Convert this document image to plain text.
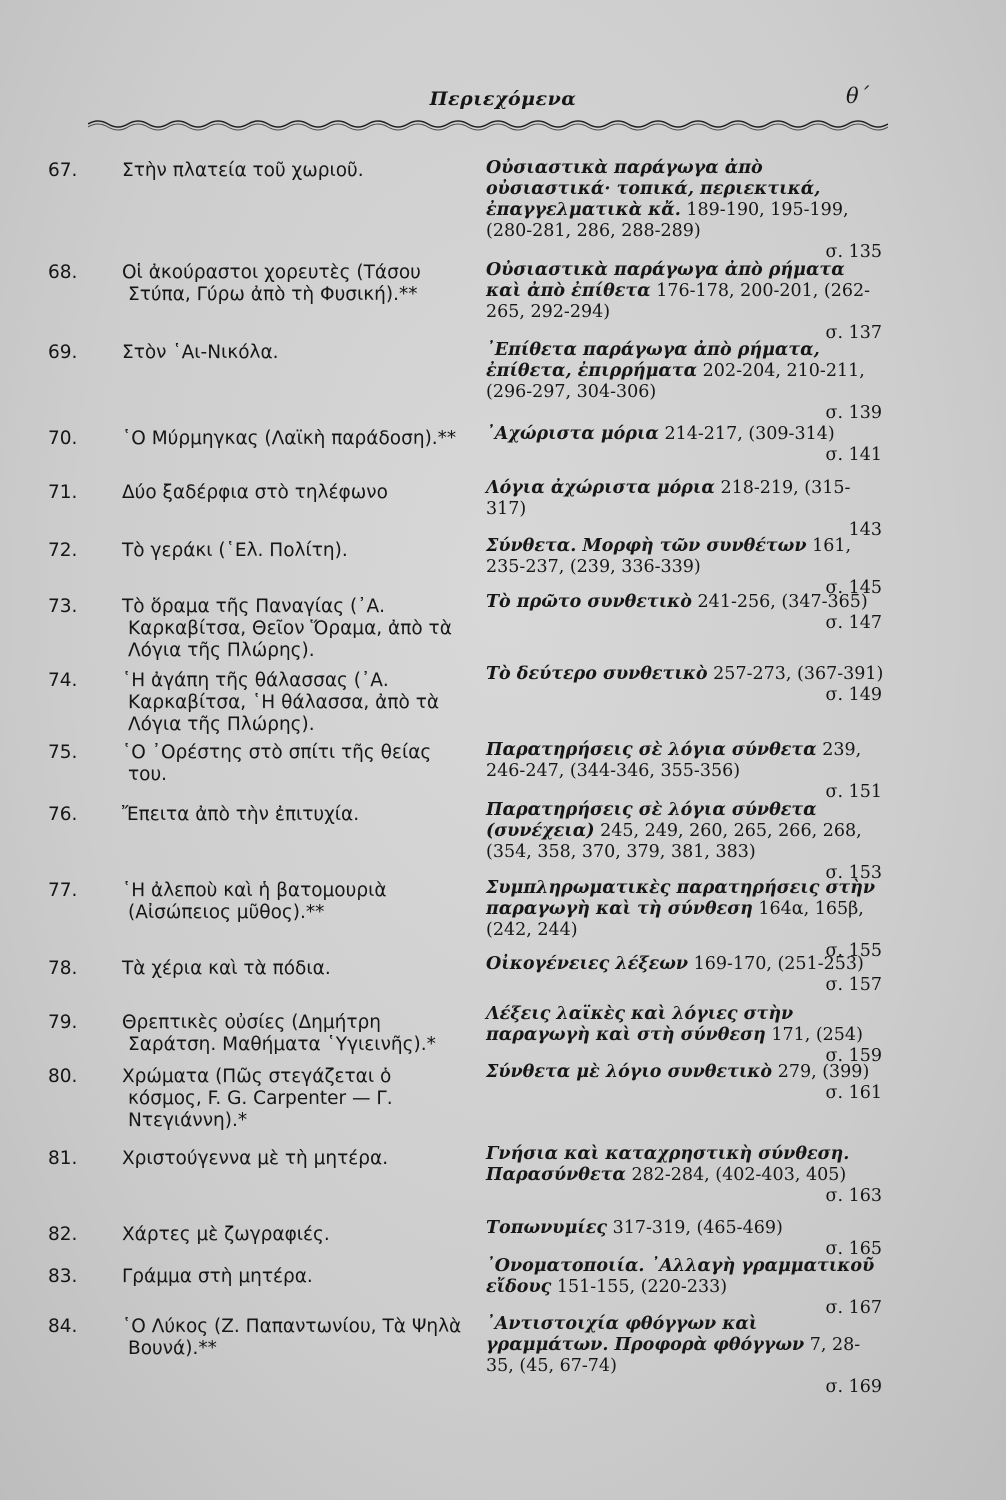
Περιεχόμενα	θ΄
67. Στὴν πλατεία τοῦ χωριοῦ.
68. Οἱ ἀκούραστοι χορευτὲς (Τάσου Στύπα, Γύρω ἀπὸ τὴ Φυσική).**
69. Στὸν ῾Αι-Νικόλα.
70. ῾Ο Μύρμηγκας (Λαϊκὴ παράδοση).**
71. Δύο ξαδέρφια στὸ τηλέφωνο
72. Τὸ γεράκι (῾Ελ. Πολίτη).
73. Τὸ ὅραμα τῆς Παναγίας (᾿Α. Καρκαβίτσα, Θεῖον Ὅραμα, ἀπὸ τὰ Λόγια τῆς Πλώρης).
74. ῾Η ἀγάπη τῆς θάλασσας (᾿Α. Καρκαβίτσα, ῾Η θάλασσα, ἀπὸ τὰ Λόγια τῆς Πλώρης).
75. ῾Ο ᾿Ορέστης στὸ σπίτι τῆς θείας του.
76. Ἔπειτα ἀπὸ τὴν ἐπιτυχία.
77. ῾Η ἀλεποὺ καὶ ἡ βατομουριὰ (Αἰσώπειος μῦθος).**
78. Τὰ χέρια καὶ τὰ πόδια.
79. Θρεπτικὲς οὐσίες (Δημήτρη Σαράτση. Μαθήματα ῾Υγιεινῆς).*
80. Χρώματα (Πῶς στεγάζεται ὁ κόσμος, F. G. Carpenter — Γ. Ντεγιάννη).*
81. Χριστούγεννα μὲ τὴ μητέρα.
82. Χάρτες μὲ ζωγραφιές.
83. Γράμμα στὴ μητέρα.
84. ῾Ο Λύκος (Ζ. Παπαντωνίου, Τὰ Ψηλὰ Βουνά).**
Οὐσιαστικὰ παράγωγα ἀπὸ οὐσιαστικά· τοπικά, περιεκτικά, ἐπαγγελματικὰ κἄ. 189-190, 195-199, (280-281, 286, 288-289)
σ. 135
Οὐσιαστικὰ παράγωγα ἀπὸ ρήματα καὶ ἀπὸ ἐπίθετα 176-178, 200-201, (262-265, 292-294)
σ. 137
᾿Επίθετα παράγωγα ἀπὸ ρήματα, ἐπίθετα, ἐπιρρήματα 202-204, 210-211, (296-297, 304-306)
σ. 139
᾿Αχώριστα μόρια 214-217, (309-314)
σ. 141
Λόγια ἀχώριστα μόρια 218-219, (315-317)
143
Σύνθετα. Μορφὴ τῶν συνθέτων 161, 235-237, (239, 336-339)
σ. 145
Τὸ πρῶτο συνθετικὸ 241-256, (347-365)
σ. 147
Τὸ δεύτερο συνθετικὸ 257-273, (367-391)
σ. 149
Παρατηρήσεις σὲ λόγια σύνθετα 239, 246-247, (344-346, 355-356)
σ. 151
Παρατηρήσεις σὲ λόγια σύνθετα (συνέχεια) 245, 249, 260, 265, 266, 268, (354, 358, 370, 379, 381, 383)
σ. 153
Συμπληρωματικὲς παρατηρήσεις στὴν παραγωγὴ καὶ τὴ σύνθεση 164α, 165β, (242, 244)
σ. 155
Οἰκογένειες λέξεων 169-170, (251-253)
σ. 157
Λέξεις λαϊκὲς καὶ λόγιες στὴν παραγωγὴ καὶ στὴ σύνθεση 171, (254)
σ. 159
Σύνθετα μὲ λόγιο συνθετικὸ 279, (399)
σ. 161
Γνήσια καὶ καταχρηστικὴ σύνθεση. Παρασύνθετα 282-284, (402-403, 405)
σ. 163
Τοπωνυμίες 317-319, (465-469)
σ. 165
᾿Ονοματοποιία. ᾿Αλλαγὴ γραμματικοῦ εἴδους 151-155, (220-233)
σ. 167
᾿Αντιστοιχία φθόγγων καὶ γραμμάτων. Προφορὰ φθόγγων 7, 28-35, (45, 67-74)
σ. 169
